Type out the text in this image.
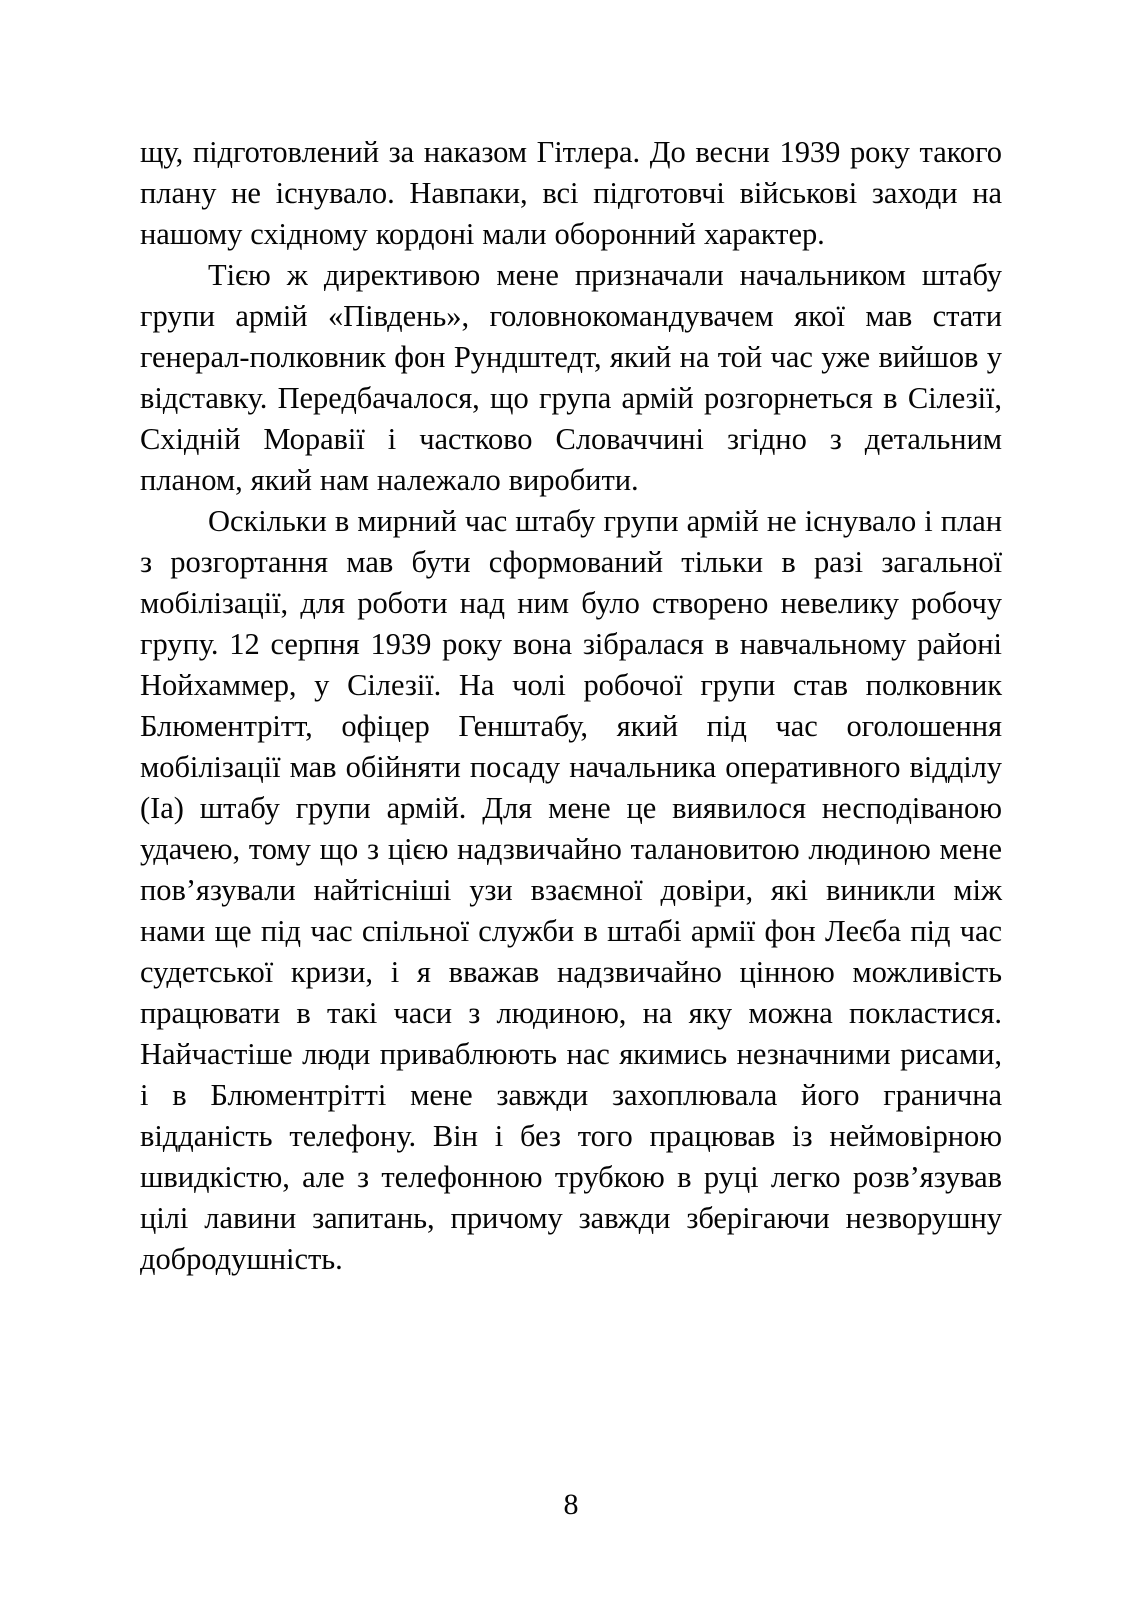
щу, підготовлений за наказом Гітлера. До весни 1939 року такого плану не існувало. Навпаки, всі підготовчі військові заходи на нашому східному кордоні мали оборонний характер.

Тією ж директивою мене призначали начальником штабу групи армій «Південь», головнокомандувачем якої мав стати генерал-полковник фон Рундштедт, який на той час уже вийшов у відставку. Передбачалося, що група армій розгорнеться в Сілезії, Східній Моравії і частково Словаччині згідно з детальним планом, який нам належало виробити.

Оскільки в мирний час штабу групи армій не існувало і план з розгортання мав бути сформований тільки в разі загальної мобілізації, для роботи над ним було створено невелику робочу групу. 12 серпня 1939 року вона зібралася в навчальному районі Нойхаммер, у Сілезії. На чолі робочої групи став полковник Блюментрітт, офіцер Генштабу, який під час оголошення мобілізації мав обійняти посаду начальника оперативного відділу (Ia) штабу групи армій. Для мене це виявилося несподіваною удачею, тому що з цією надзвичайно талановитою людиною мене пов’язували найтісніші узи взаємної довіри, які виникли між нами ще під час спільної служби в штабі армії фон Леєба під час судетської кризи, і я вважав надзвичайно цінною можливість працювати в такі часи з людиною, на яку можна покластися. Найчастіше люди приваблюють нас якимись незначними рисами, і в Блюментрітті мене завжди захоплювала його гранична відданість телефону. Він і без того працював із неймовірною швидкістю, але з телефонною трубкою в руці легко розв’язував цілі лавини запитань, причому завжди зберігаючи незворушну добродушність.

8
